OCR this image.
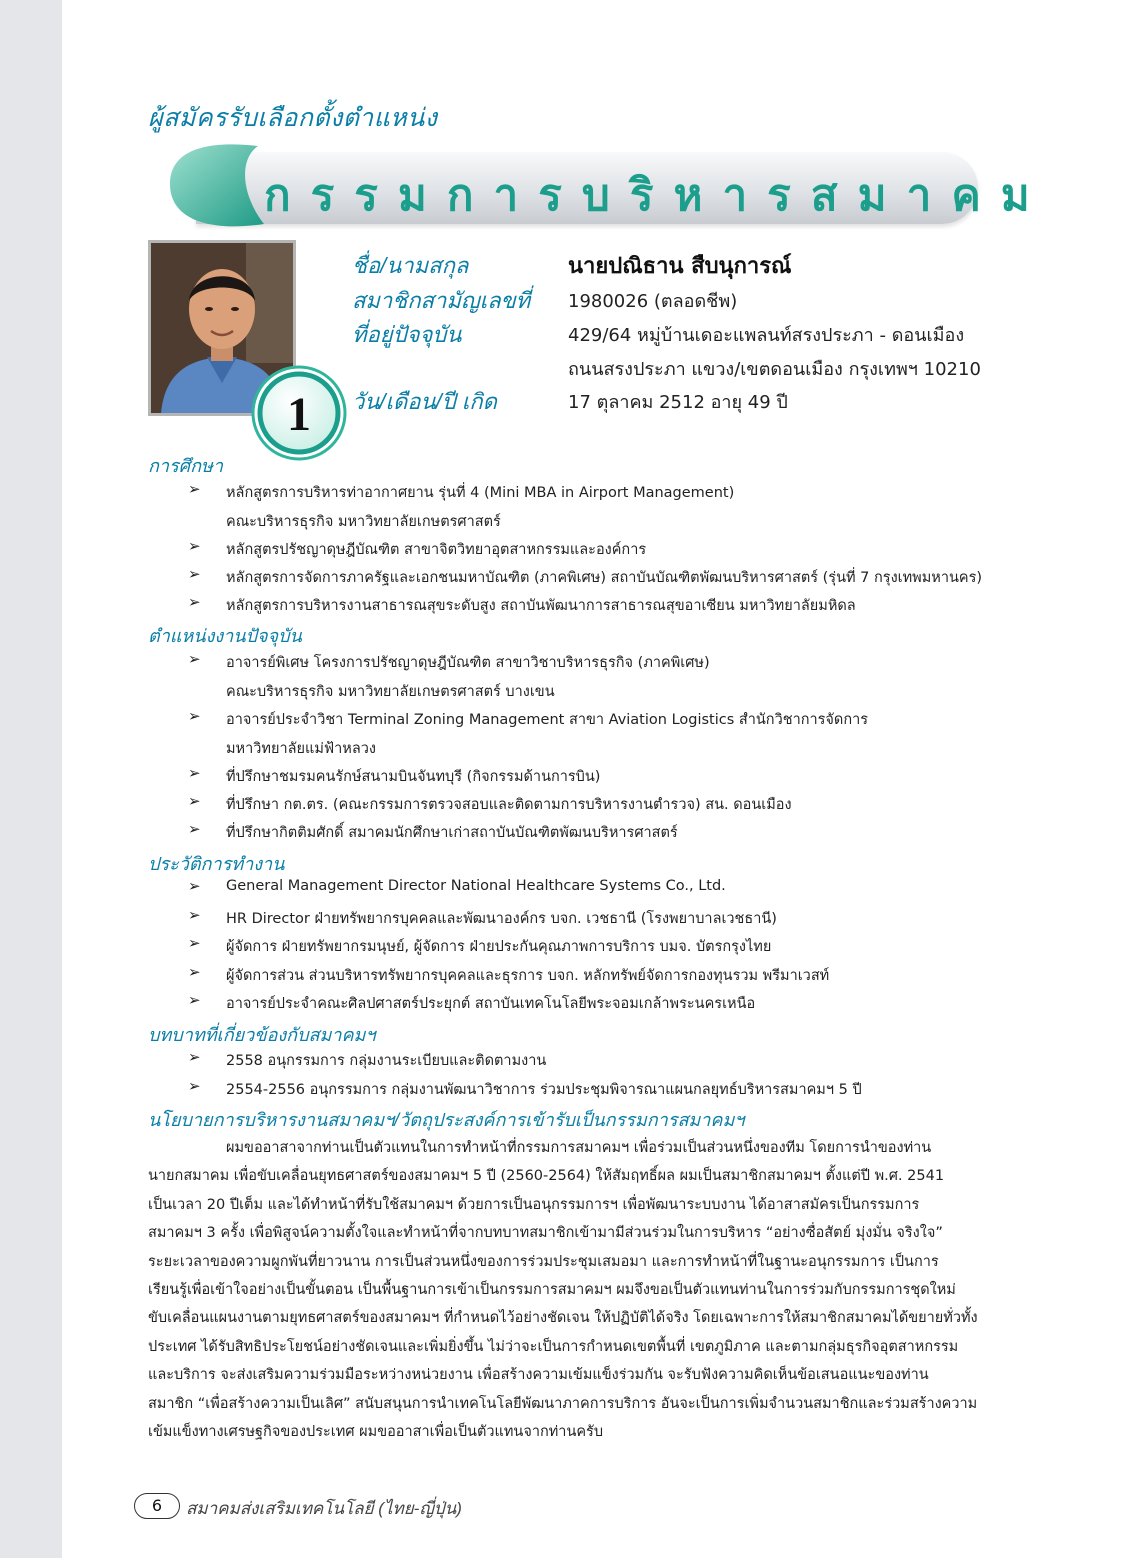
ผู้สมัครรับเลือกตั้งตำแหน่ง
กรรมการบริหารสมาคม
1
ชื่อ/นามสกุล	นายปณิธาน สืบนุการณ์
สมาชิกสามัญเลขที่ 1980026 (ตลอดชีพ)
ที่อยู่ปัจจุบัน	429/64 หมู่บ้านเดอะแพลนท์สรงประภา - ดอนเมือง
ถนนสรงประภา แขวง/เขตดอนเมือง กรุงเทพฯ 10210
วัน/เดือน/ปี เกิด	17 ตุลาคม 2512 อายุ 49 ปี
การศึกษา
➢ หลักสูตรการบริหารท่าอากาศยาน รุ่นที่ 4 (Mini MBA in Airport Management)
คณะบริหารธุรกิจ มหาวิทยาลัยเกษตรศาสตร์
➢ หลักสูตรปรัชญาดุษฎีบัณฑิต สาขาจิตวิทยาอุตสาหกรรมและองค์การ
➢ หลักสูตรการจัดการภาครัฐและเอกชนมหาบัณฑิต (ภาคพิเศษ) สถาบันบัณฑิตพัฒนบริหารศาสตร์ (รุ่นที่ 7 กรุงเทพมหานคร)
➢ หลักสูตรการบริหารงานสาธารณสุขระดับสูง สถาบันพัฒนาการสาธารณสุขอาเซียน มหาวิทยาลัยมหิดล
ตำแหน่งงานปัจจุบัน
➢ อาจารย์พิเศษ โครงการปรัชญาดุษฎีบัณฑิต สาขาวิชาบริหารธุรกิจ (ภาคพิเศษ)
คณะบริหารธุรกิจ มหาวิทยาลัยเกษตรศาสตร์ บางเขน
➢ อาจารย์ประจำวิชา Terminal Zoning Management สาขา Aviation Logistics สำนักวิชาการจัดการ
มหาวิทยาลัยแม่ฟ้าหลวง
➢ ที่ปรึกษาชมรมคนรักษ์สนามบินจันทบุรี (กิจกรรมด้านการบิน)
➢ ที่ปรึกษา กต.ตร. (คณะกรรมการตรวจสอบและติดตามการบริหารงานตำรวจ) สน. ดอนเมือง
➢ ที่ปรึกษากิตติมศักดิ์ สมาคมนักศึกษาเก่าสถาบันบัณฑิตพัฒนบริหารศาสตร์
ประวัติการทำงาน
➢ General Management Director National Healthcare Systems Co., Ltd.
➢ HR Director ฝ่ายทรัพยากรบุคคลและพัฒนาองค์กร บจก. เวชธานี (โรงพยาบาลเวชธานี)
➢ ผู้จัดการ ฝ่ายทรัพยากรมนุษย์, ผู้จัดการ ฝ่ายประกันคุณภาพการบริการ บมจ. บัตรกรุงไทย
➢ ผู้จัดการส่วน ส่วนบริหารทรัพยากรบุคคลและธุรการ บจก. หลักทรัพย์จัดการกองทุนรวม พรีมาเวสท์
➢ อาจารย์ประจำคณะศิลปศาสตร์ประยุกต์ สถาบันเทคโนโลยีพระจอมเกล้าพระนครเหนือ
บทบาทที่เกี่ยวข้องกับสมาคมฯ
➢ 2558 อนุกรรมการ กลุ่มงานระเบียบและติดตามงาน
➢ 2554-2556 อนุกรรมการ กลุ่มงานพัฒนาวิชาการ ร่วมประชุมพิจารณาแผนกลยุทธ์บริหารสมาคมฯ 5 ปี
นโยบายการบริหารงานสมาคมฯ/วัตถุประสงค์การเข้ารับเป็นกรรมการสมาคมฯ
ผมขออาสาจากท่านเป็นตัวแทนในการทำหน้าที่กรรมการสมาคมฯ เพื่อร่วมเป็นส่วนหนึ่งของทีม โดยการนำของท่าน
นายกสมาคม เพื่อขับเคลื่อนยุทธศาสตร์ของสมาคมฯ 5 ปี (2560-2564) ให้สัมฤทธิ์ผล ผมเป็นสมาชิกสมาคมฯ ตั้งแต่ปี พ.ศ. 2541
เป็นเวลา 20 ปีเต็ม และได้ทำหน้าที่รับใช้สมาคมฯ ด้วยการเป็นอนุกรรมการฯ เพื่อพัฒนาระบบงาน ได้อาสาสมัครเป็นกรรมการ
สมาคมฯ 3 ครั้ง เพื่อพิสูจน์ความตั้งใจและทำหน้าที่จากบทบาทสมาชิกเข้ามามีส่วนร่วมในการบริหาร “อย่างซื่อสัตย์ มุ่งมั่น จริงใจ”
ระยะเวลาของความผูกพันที่ยาวนาน การเป็นส่วนหนึ่งของการร่วมประชุมเสมอมา และการทำหน้าที่ในฐานะอนุกรรมการ เป็นการ
เรียนรู้เพื่อเข้าใจอย่างเป็นขั้นตอน เป็นพื้นฐานการเข้าเป็นกรรมการสมาคมฯ ผมจึงขอเป็นตัวแทนท่านในการร่วมกับกรรมการชุดใหม่
ขับเคลื่อนแผนงานตามยุทธศาสตร์ของสมาคมฯ ที่กำหนดไว้อย่างชัดเจน ให้ปฏิบัติได้จริง โดยเฉพาะการให้สมาชิกสมาคมได้ขยายทั่วทั้ง
ประเทศ ได้รับสิทธิประโยชน์อย่างชัดเจนและเพิ่มยิ่งขึ้น ไม่ว่าจะเป็นการกำหนดเขตพื้นที่ เขตภูมิภาค และตามกลุ่มธุรกิจอุตสาหกรรม
และบริการ จะส่งเสริมความร่วมมือระหว่างหน่วยงาน เพื่อสร้างความเข้มแข็งร่วมกัน จะรับฟังความคิดเห็นข้อเสนอแนะของท่าน
สมาชิก “เพื่อสร้างความเป็นเลิศ” สนับสนุนการนำเทคโนโลยีพัฒนาภาคการบริการ อันจะเป็นการเพิ่มจำนวนสมาชิกและร่วมสร้างความ
เข้มแข็งทางเศรษฐกิจของประเทศ ผมขออาสาเพื่อเป็นตัวแทนจากท่านครับ
6	สมาคมส่งเสริมเทคโนโลยี (ไทย-ญี่ปุ่น)
